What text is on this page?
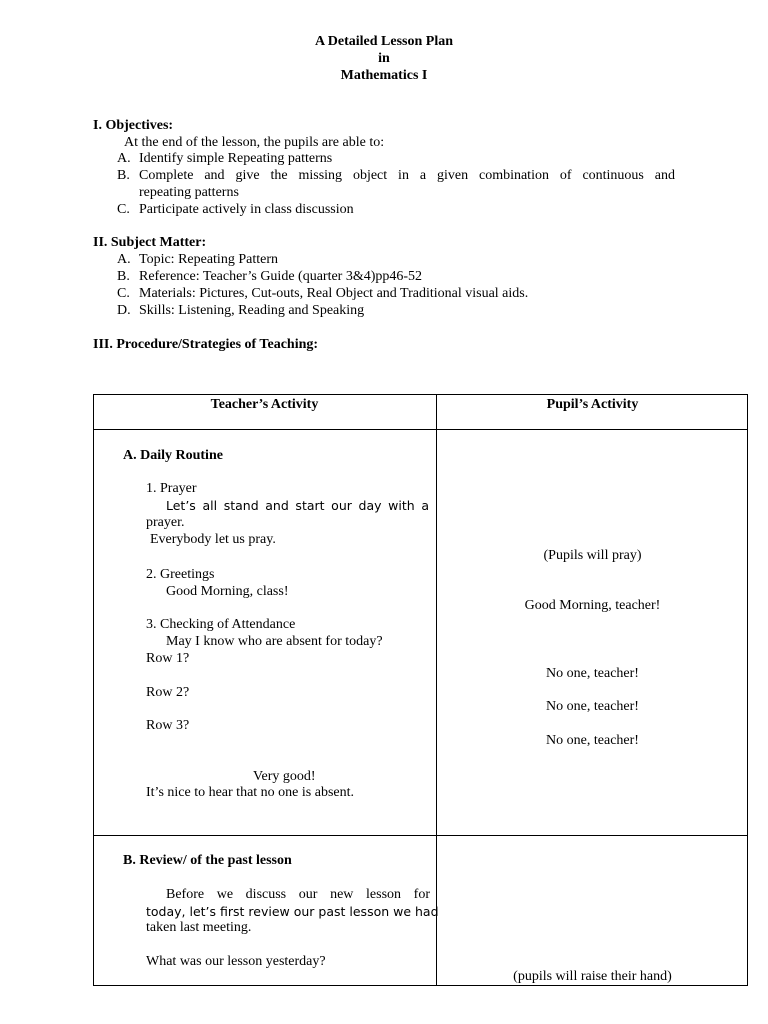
A Detailed Lesson Plan
in
Mathematics I
I. Objectives:
At the end of the lesson, the pupils are able to:
A. Identify simple Repeating patterns
B. Complete and give the missing object in a given combination of continuous and
repeating patterns
C. Participate actively in class discussion
II. Subject Matter:
A. Topic: Repeating Pattern
B. Reference: Teacher’s Guide (quarter 3&4)pp46-52
C. Materials: Pictures, Cut-outs, Real Object and Traditional visual aids.
D. Skills: Listening, Reading and Speaking
III. Procedure/Strategies of Teaching:
Teacher’s Activity	Pupil’s Activity
A. Daily Routine
1. Prayer
Let’s all stand and start our day with a
prayer.
Everybody let us pray.
2. Greetings
Good Morning, class!
3. Checking of Attendance
May I know who are absent for today?
Row 1?
Row 2?
Row 3?
Very good!
It’s nice to hear that no one is absent.
(Pupils will pray)
Good Morning, teacher!
No one, teacher!
No one, teacher!
No one, teacher!
B. Review/ of the past lesson
Before we discuss our new lesson for
today, let’s first review our past lesson we had
taken last meeting.
What was our lesson yesterday?
(pupils will raise their hand)
